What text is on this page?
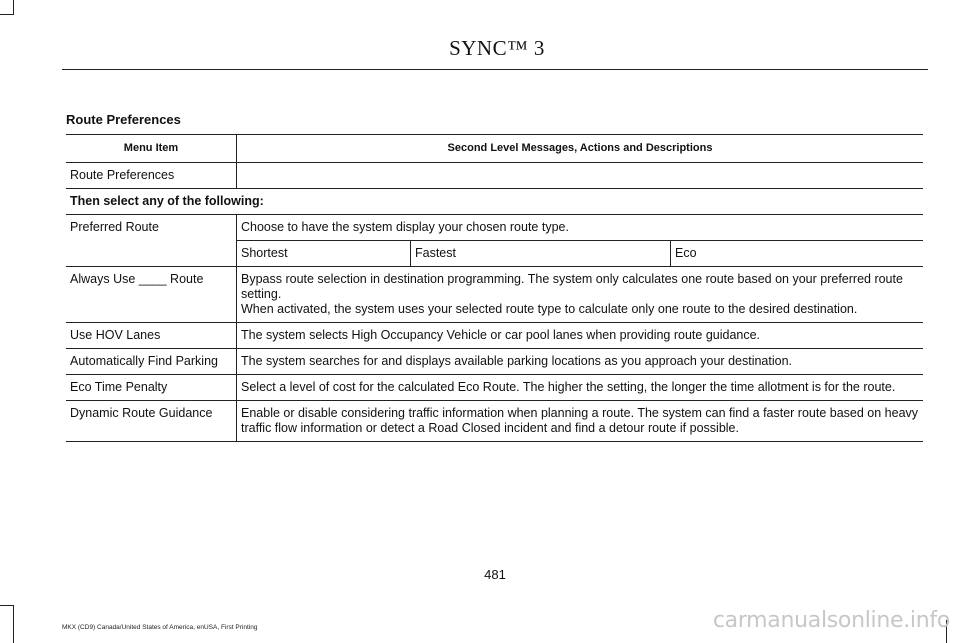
SYNC™ 3
Route Preferences
Menu Item	Second Level Messages, Actions and Descriptions		
Route Preferences			
Then select any of the following:			
Preferred Route	Choose to have the system display your chosen route type.		
	Shortest	Fastest	Eco
Always Use ____ Route	Bypass route selection in destination programming. The system only calculates one route based on your preferred route setting.
When activated, the system uses your selected route type to calculate only one route to the desired destination.		

Use HOV Lanes	The system selects High Occupancy Vehicle or car pool lanes when providing route guidance.		
Automatically Find Parking	The system searches for and displays available parking locations as you approach your destination.		
Eco Time Penalty	Select a level of cost for the calculated Eco Route. The higher the setting, the longer the time allotment is for the route.		
Dynamic Route Guidance	Enable or disable considering traffic information when planning a route. The system can find a faster route based on heavy traffic flow information or detect a Road Closed incident and find a detour route if possible.		
481
MKX (CD9) Canada/United States of America, enUSA, First Printing	carmanualsonline.info
